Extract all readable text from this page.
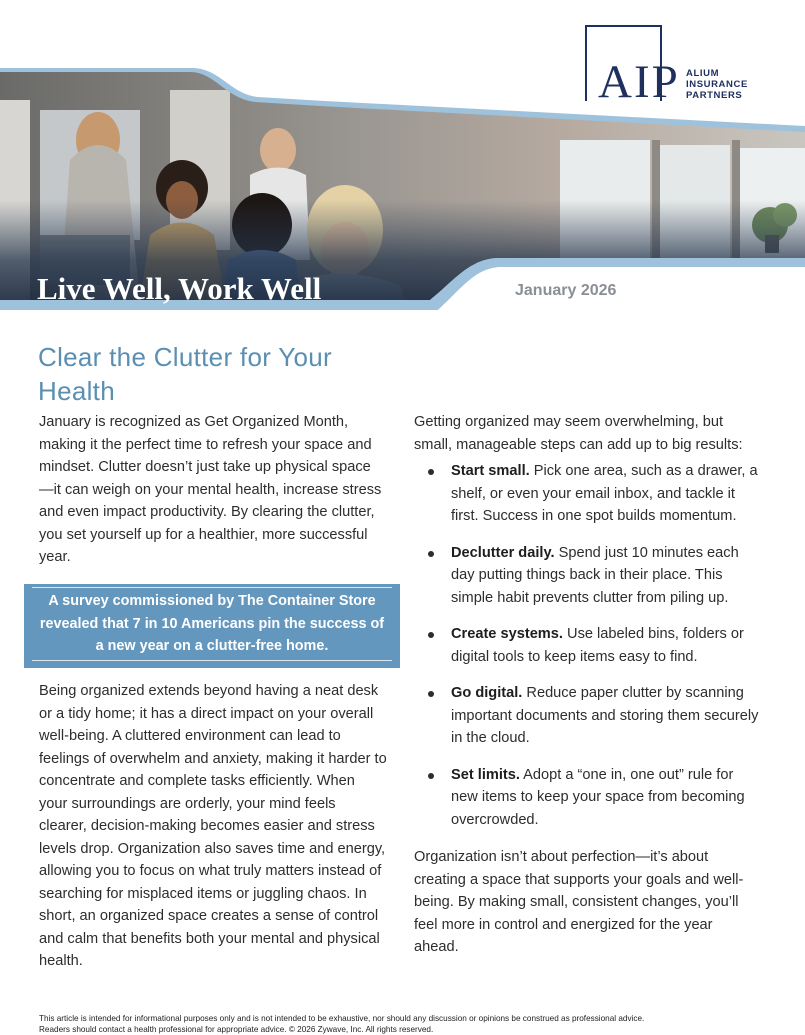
AIP ALIUM
INSURANCE
PARTNERS
Live Well, Work Well	January 2026
Clear the Clutter for Your Health
January is recognized as Get Organized Month, making it the perfect time to refresh your space and mindset. Clutter doesn’t just take up physical space—it can weigh on your mental health, increase stress and even impact productivity. By clearing the clutter, you set yourself up for a healthier, more successful year.
A survey commissioned by The Container Store revealed that 7 in 10 Americans pin the success of a new year on a clutter-free home.
Being organized extends beyond having a neat desk or a tidy home; it has a direct impact on your overall well-being. A cluttered environment can lead to feelings of overwhelm and anxiety, making it harder to concentrate and complete tasks efficiently. When your surroundings are orderly, your mind feels clearer, decision-making becomes easier and stress levels drop. Organization also saves time and energy, allowing you to focus on what truly matters instead of searching for misplaced items or juggling chaos. In short, an organized space creates a sense of control and calm that benefits both your mental and physical health.
Getting organized may seem overwhelming, but small, manageable steps can add up to big results:
Start small. Pick one area, such as a drawer, a shelf, or even your email inbox, and tackle it first. Success in one spot builds momentum.
Declutter daily. Spend just 10 minutes each day putting things back in their place. This simple habit prevents clutter from piling up.
Create systems. Use labeled bins, folders or digital tools to keep items easy to find.
Go digital. Reduce paper clutter by scanning important documents and storing them securely in the cloud.
Set limits. Adopt a “one in, one out” rule for new items to keep your space from becoming overcrowded.
Organization isn’t about perfection—it’s about creating a space that supports your goals and well-being. By making small, consistent changes, you’ll feel more in control and energized for the year ahead.
This article is intended for informational purposes only and is not intended to be exhaustive, nor should any discussion or opinions be construed as professional advice.
Readers should contact a health professional for appropriate advice. © 2026 Zywave, Inc. All rights reserved.
